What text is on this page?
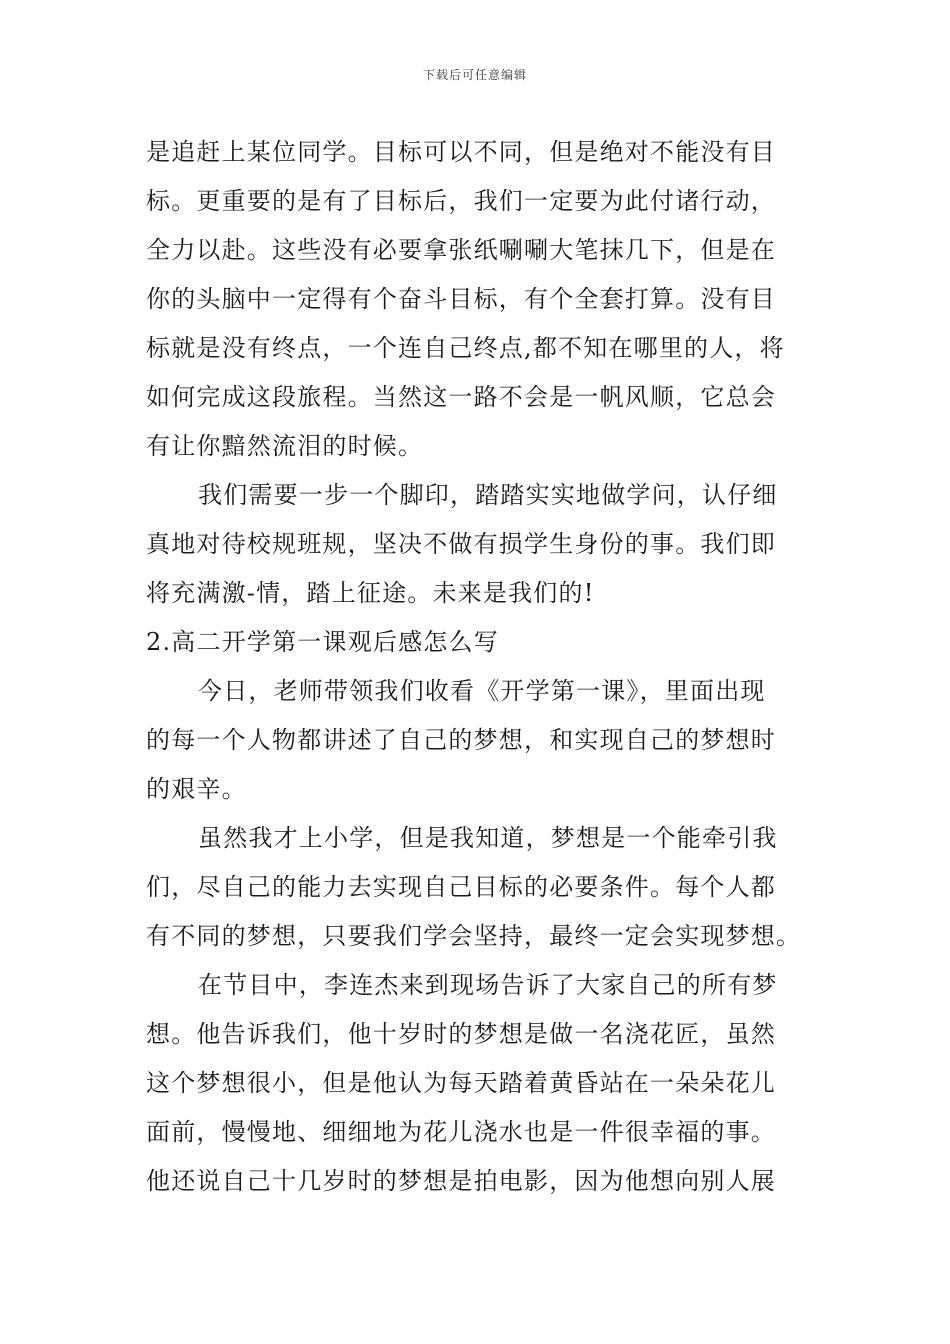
下载后可任意编辑
是追赶上某位同学。目标可以不同，但是绝对不能没有目
标。更重要的是有了目标后，我们一定要为此付诸行动，
全力以赴。这些没有必要拿张纸唰唰大笔抹几下，但是在
你的头脑中一定得有个奋斗目标，有个全套打算。没有目
标就是没有终点，一个连自己终点,都不知在哪里的人，将
如何完成这段旅程。当然这一路不会是一帆风顺，它总会
有让你黯然流泪的时候。
我们需要一步一个脚印，踏踏实实地做学问，认仔细
真地对待校规班规，坚决不做有损学生身份的事。我们即
将充满激-情，踏上征途。未来是我们的!
2.高二开学第一课观后感怎么写
今日，老师带领我们收看《开学第一课》，里面出现
的每一个人物都讲述了自己的梦想，和实现自己的梦想时
的艰辛。
虽然我才上小学，但是我知道，梦想是一个能牵引我
们，尽自己的能力去实现自己目标的必要条件。每个人都
有不同的梦想，只要我们学会坚持，最终一定会实现梦想。
在节目中，李连杰来到现场告诉了大家自己的所有梦
想。他告诉我们，他十岁时的梦想是做一名浇花匠，虽然
这个梦想很小，但是他认为每天踏着黄昏站在一朵朵花儿
面前，慢慢地、细细地为花儿浇水也是一件很幸福的事。
他还说自己十几岁时的梦想是拍电影，因为他想向别人展
